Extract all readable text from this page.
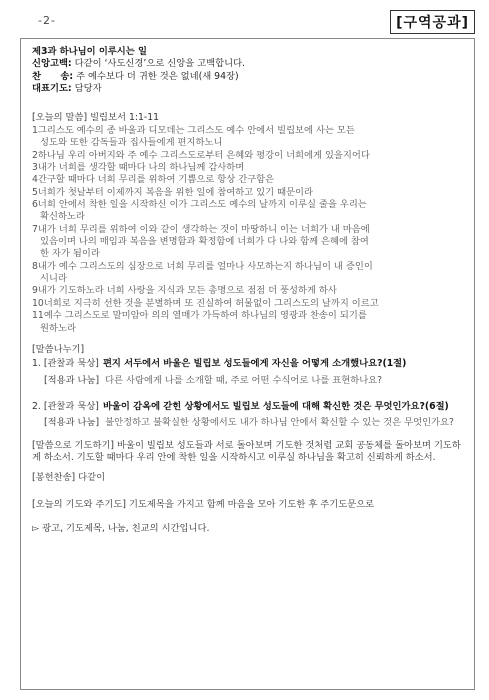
-2-	[구역공과]
제3과 하나님이 이루시는 일
신앙고백: 다같이 ‘사도신경’으로 신앙을 고백합니다.
찬      송: 주 예수보다 더 귀한 것은 없네(새 94장)
대표기도: 담당자
[오늘의 말씀] 빌립보서 1:1-11
1그리스도 예수의 종 바울과 디모데는 그리스도 예수 안에서 빌립보에 사는 모든
성도와 또한 감독들과 집사들에게 편지하노니
2하나님 우리 아버지와 주 예수 그리스도로부터 은혜와 평강이 너희에게 있을지어다
3내가 너희를 생각할 때마다 나의 하나님께 감사하며
4간구할 때마다 너희 무리를 위하여 기쁨으로 항상 간구함은
5너희가 첫날부터 이제까지 복음을 위한 일에 참여하고 있기 때문이라
6너희 안에서 착한 일을 시작하신 이가 그리스도 예수의 날까지 이루실 줄을 우리는
확신하노라
7내가 너희 무리를 위하여 이와 같이 생각하는 것이 마땅하니 이는 너희가 내 마음에
있음이며 나의 매임과 복음을 변명함과 확정함에 너희가 다 나와 함께 은혜에 참여
한 자가 됨이라
8내가 예수 그리스도의 심장으로 너희 무리를 얼마나 사모하는지 하나님이 내 증인이
시니라
9내가 기도하노라 너희 사랑을 지식과 모든 총명으로 점점 더 풍성하게 하사
10너희로 지극히 선한 것을 분별하며 또 진실하여 허물없이 그리스도의 날까지 이르고
11예수 그리스도로 말미암아 의의 열매가 가득하여 하나님의 영광과 찬송이 되기를
원하노라
[말씀나누기]
1. [관찰과 묵상] 편지 서두에서 바울은 빌립보 성도들에게 자신을 어떻게 소개했나요?(1절)
[적용과 나눔] 다른 사람에게 나를 소개할 때, 주로 어떤 수식어로 나를 표현하나요?
2. [관찰과 묵상] 바울이 감옥에 갇힌 상황에서도 빌립보 성도들에 대해 확신한 것은 무엇인가요?(6절)
[적용과 나눔] 불안정하고 불확실한 상황에서도 내가 하나님 안에서 확신할 수 있는 것은 무엇인가요?
[말씀으로 기도하기] 바울이 빌립보 성도들과 서로 돌아보며 기도한 것처럼 교회 공동체를 돌아보며 기도하게 하소서. 기도할 때마다 우리 안에 착한 일을 시작하시고 이루실 하나님을 확고히 신뢰하게 하소서.
[봉헌찬송] 다같이
[오늘의 기도와 주기도] 기도제목을 가지고 함께 마음을 모아 기도한 후 주기도문으로
▻ 광고, 기도제목, 나눔, 친교의 시간입니다.
